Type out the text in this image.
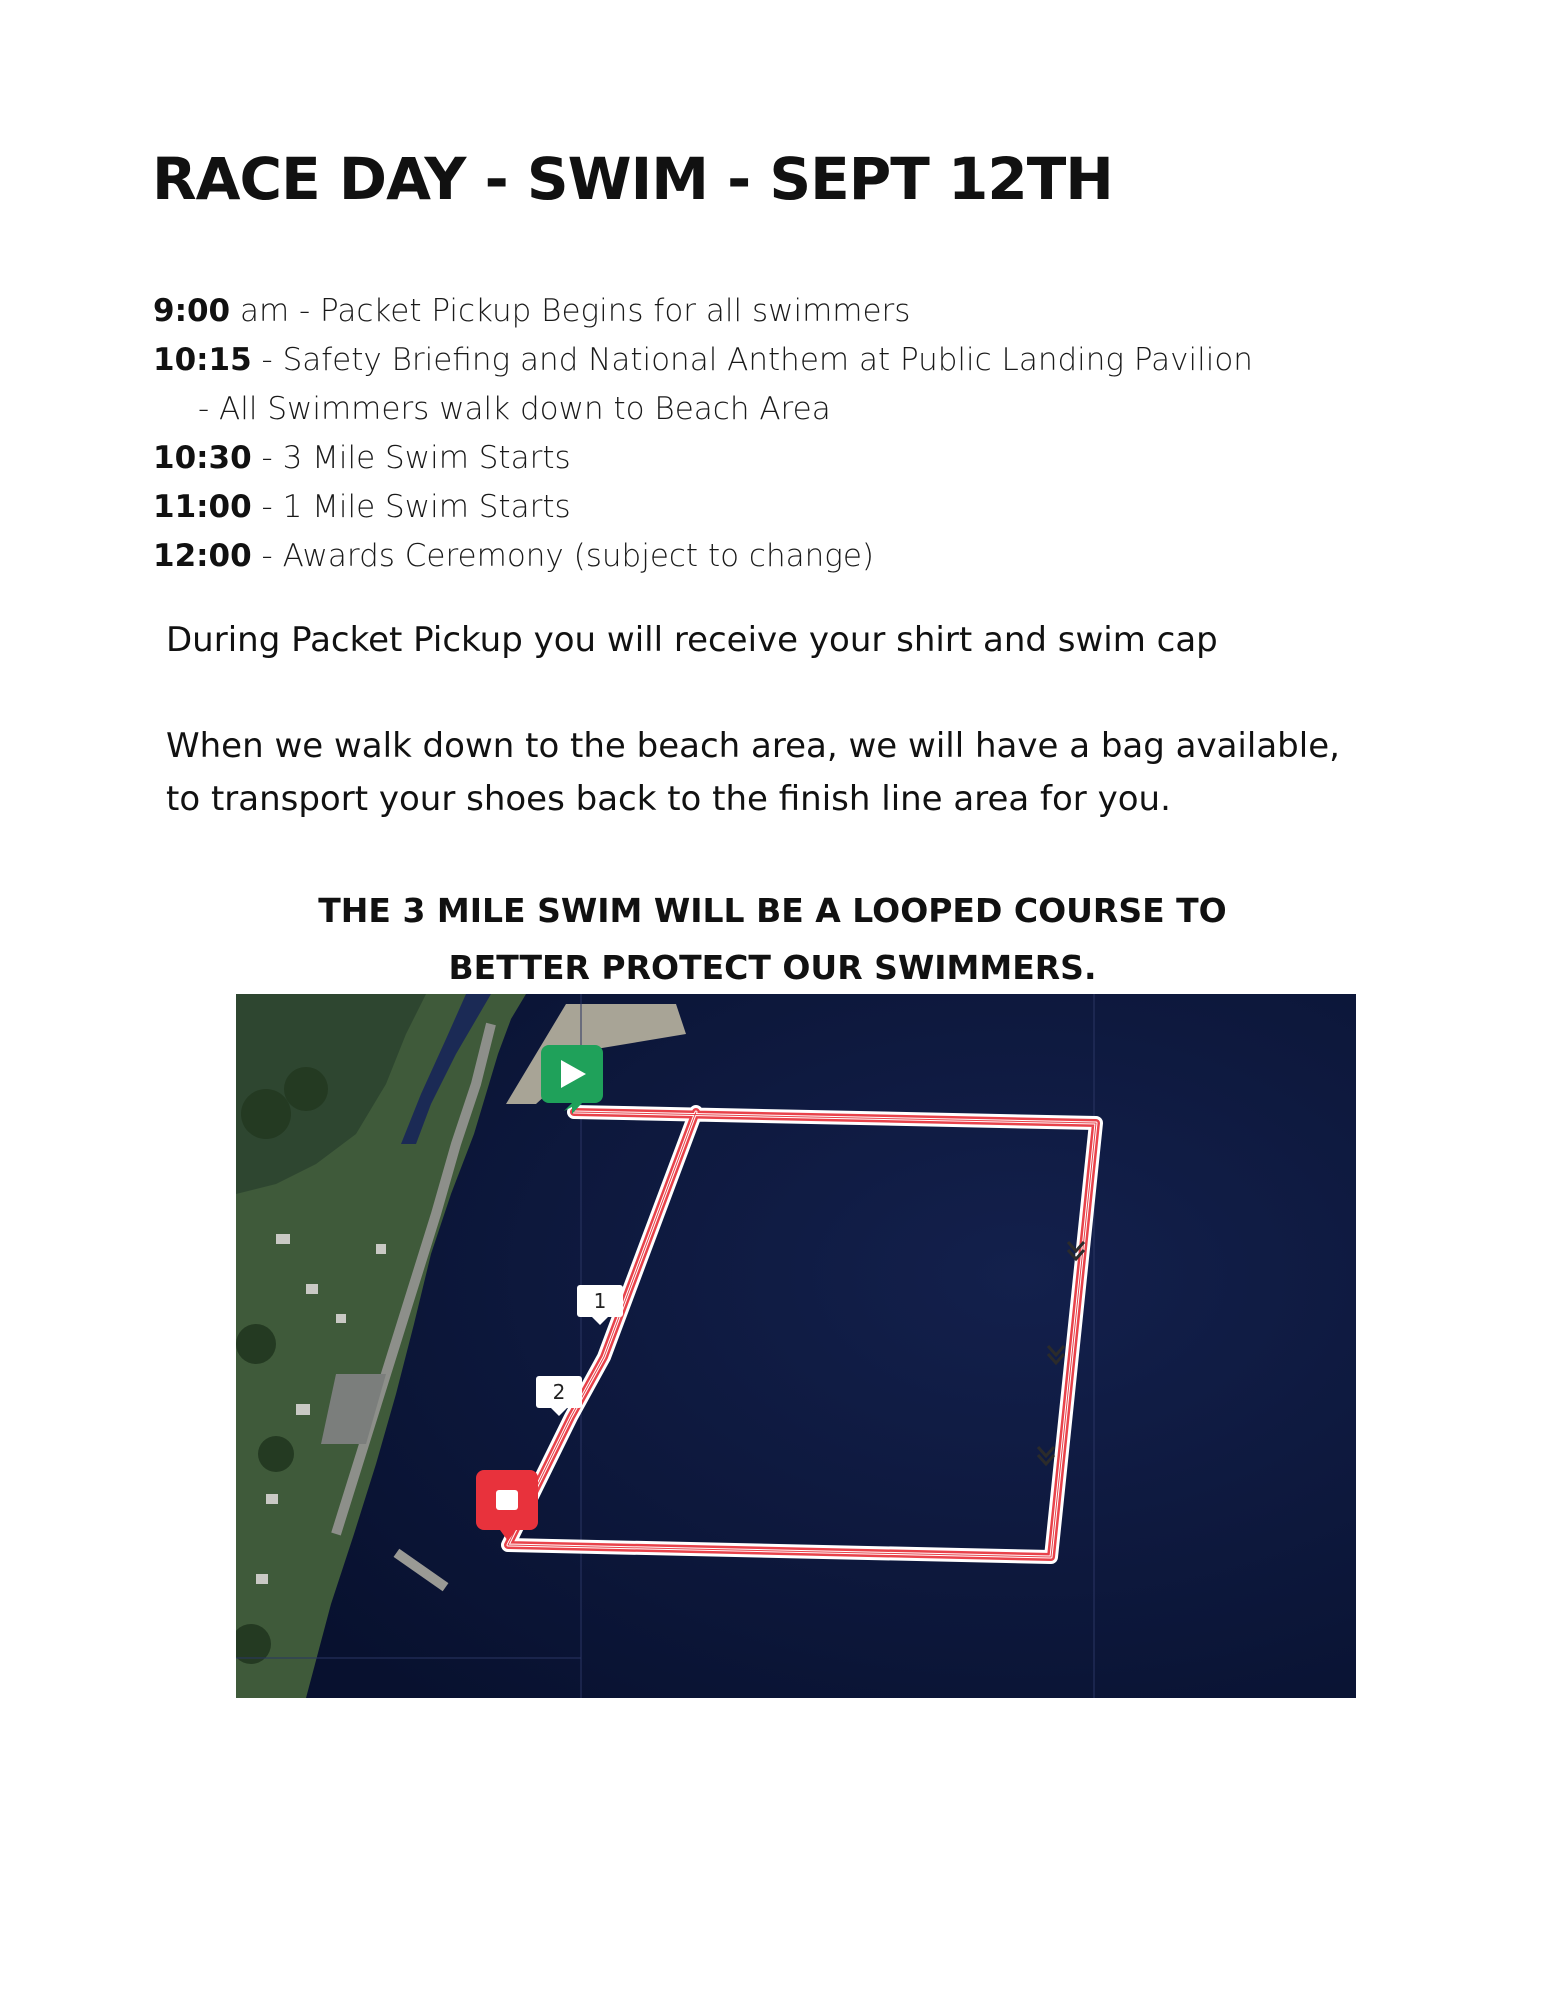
RACE DAY - SWIM - SEPT 12TH
9:00 am - Packet Pickup Begins for all swimmers
10:15 - Safety Briefing and National Anthem at Public Landing Pavilion
- All Swimmers walk down to Beach Area
10:30 - 3 Mile Swim Starts
11:00 - 1 Mile Swim Starts
12:00 - Awards Ceremony (subject to change)
During Packet Pickup you will receive your shirt and swim cap
When we walk down to the beach area, we will have a bag available,
to transport your shoes back to the finish line area for you.
THE 3 MILE SWIM WILL BE A LOOPED COURSE TO
BETTER PROTECT OUR SWIMMERS.
1
2
